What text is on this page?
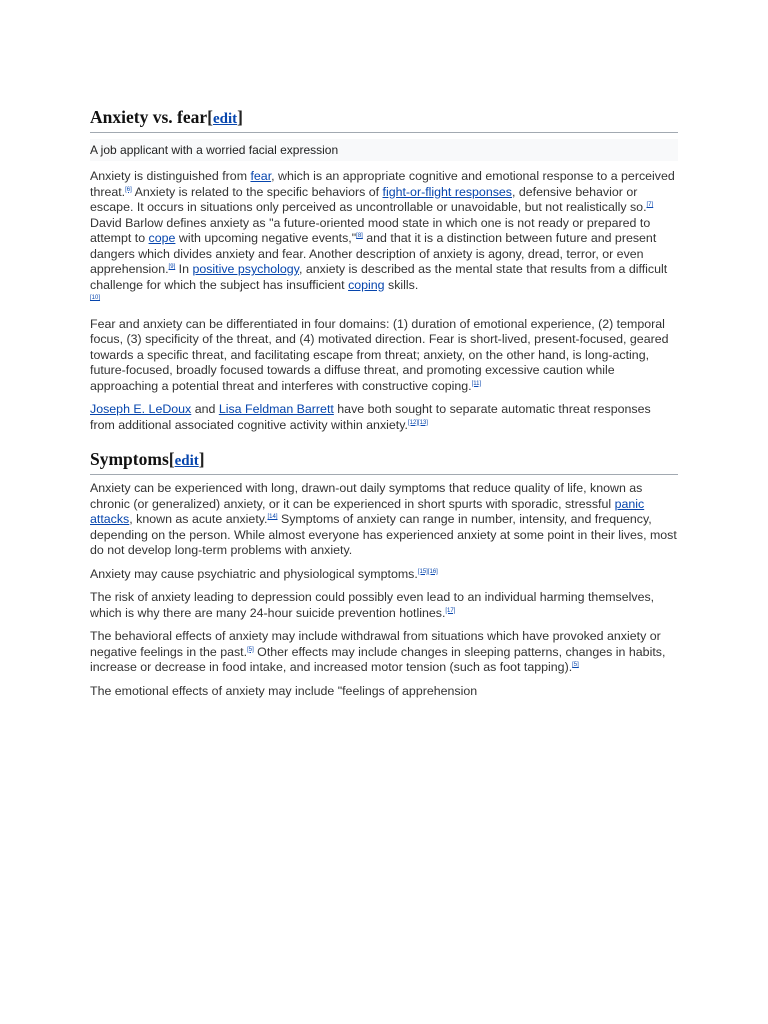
Anxiety vs. fear[edit]
A job applicant with a worried facial expression

Anxiety is distinguished from fear, which is an appropriate cognitive and emotional response to a perceived threat.[6] Anxiety is related to the specific behaviors of fight-or-flight responses, defensive behavior or escape. It occurs in situations only perceived as uncontrollable or unavoidable, but not realistically so.[7] David Barlow defines anxiety as "a future-oriented mood state in which one is not ready or prepared to attempt to cope with upcoming negative events,"[8] and that it is a distinction between future and present dangers which divides anxiety and fear. Another description of anxiety is agony, dread, terror, or even apprehension.[9] In positive psychology, anxiety is described as the mental state that results from a difficult challenge for which the subject has insufficient coping skills.
[10]

Fear and anxiety can be differentiated in four domains: (1) duration of emotional experience, (2) temporal focus, (3) specificity of the threat, and (4) motivated direction. Fear is short-lived, present-focused, geared towards a specific threat, and facilitating escape from threat; anxiety, on the other hand, is long-acting, future-focused, broadly focused towards a diffuse threat, and promoting excessive caution while approaching a potential threat and interferes with constructive coping.[11]

Joseph E. LeDoux and Lisa Feldman Barrett have both sought to separate automatic threat responses from additional associated cognitive activity within anxiety.[12][13]

Symptoms[edit]

Anxiety can be experienced with long, drawn-out daily symptoms that reduce quality of life, known as chronic (or generalized) anxiety, or it can be experienced in short spurts with sporadic, stressful panic attacks, known as acute anxiety.[14] Symptoms of anxiety can range in number, intensity, and frequency, depending on the person. While almost everyone has experienced anxiety at some point in their lives, most do not develop long-term problems with anxiety.

Anxiety may cause psychiatric and physiological symptoms.[15][16]

The risk of anxiety leading to depression could possibly even lead to an individual harming themselves, which is why there are many 24-hour suicide prevention hotlines.[17]

The behavioral effects of anxiety may include withdrawal from situations which have provoked anxiety or negative feelings in the past.[5] Other effects may include changes in sleeping patterns, changes in habits, increase or decrease in food intake, and increased motor tension (such as foot tapping).[5]

The emotional effects of anxiety may include "feelings of apprehension
